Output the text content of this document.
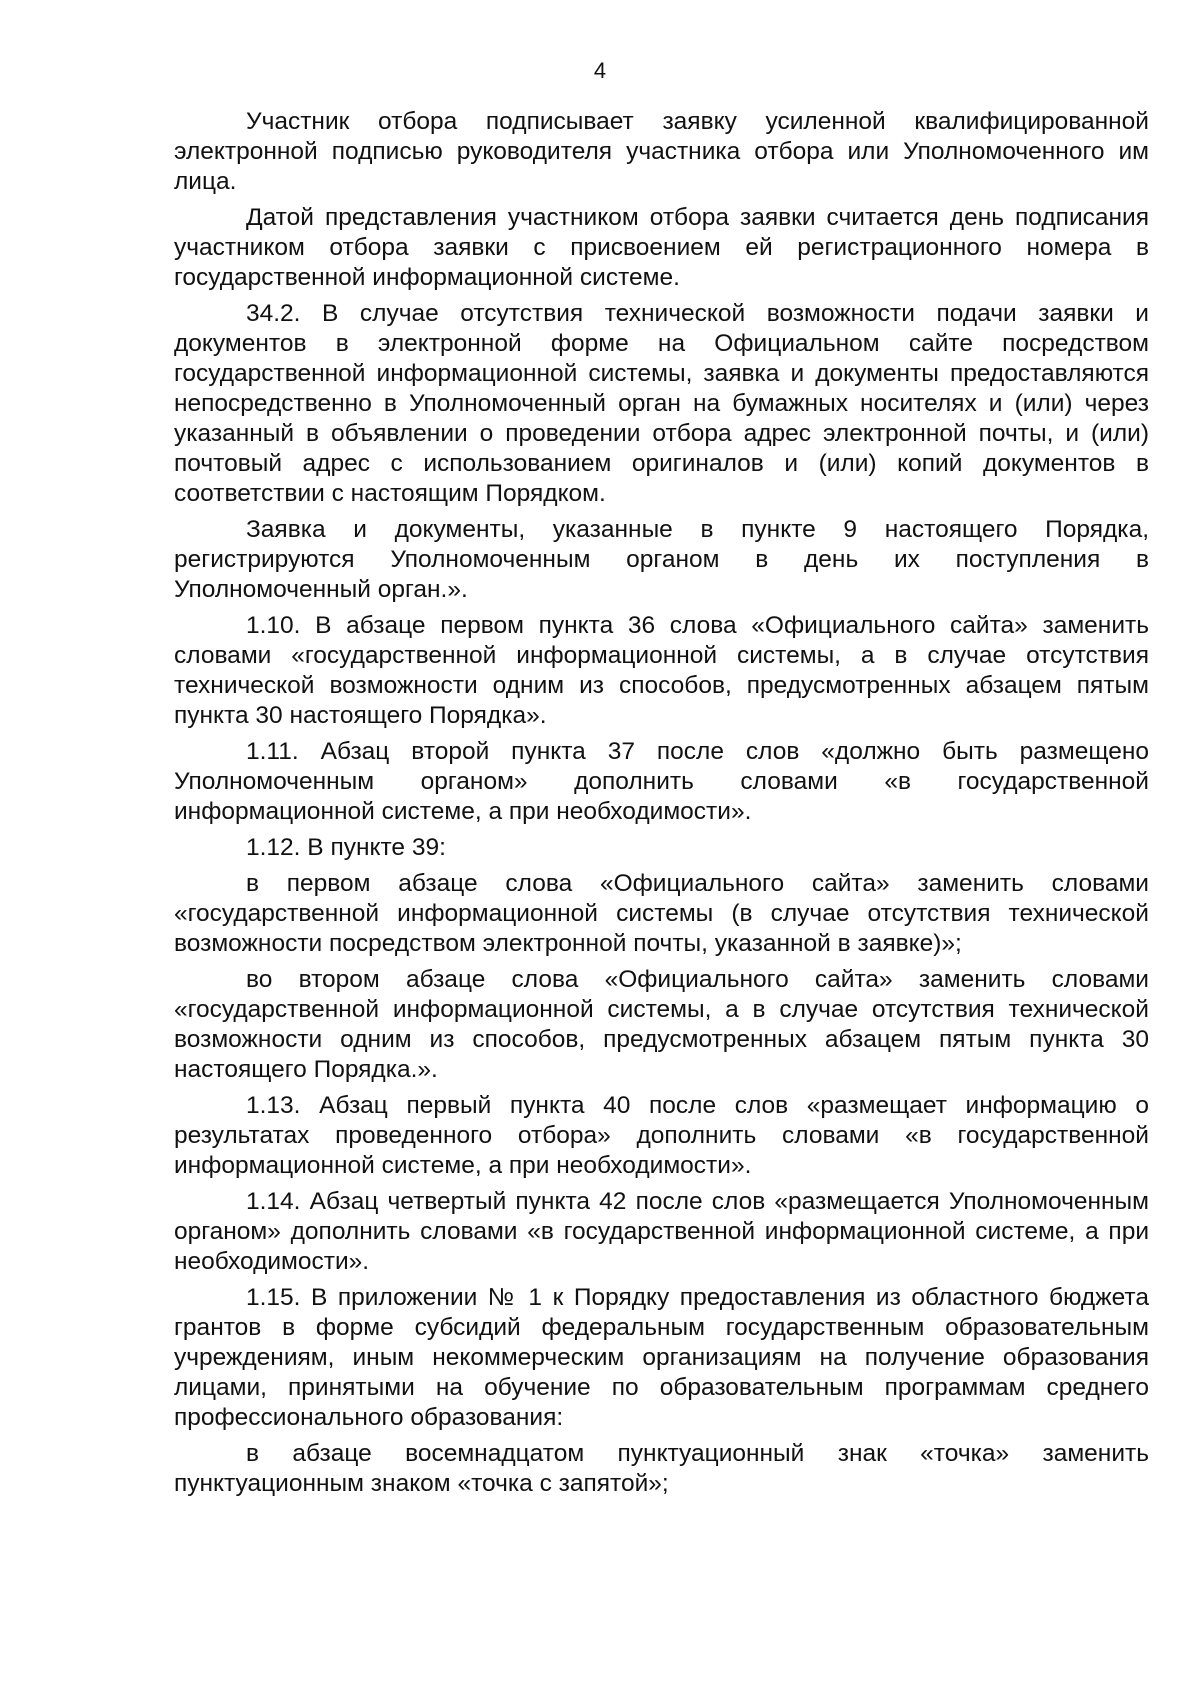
4

Участник отбора подписывает заявку усиленной квалифицированной электронной подписью руководителя участника отбора или Уполномоченного им лица.

Датой представления участником отбора заявки считается день подписания участником отбора заявки с присвоением ей регистрационного номера в государственной информационной системе.

34.2. В случае отсутствия технической возможности подачи заявки и документов в электронной форме на Официальном сайте посредством государственной информационной системы, заявка и документы предоставляются непосредственно в Уполномоченный орган на бумажных носителях и (или) через указанный в объявлении о проведении отбора адрес электронной почты, и (или) почтовый адрес с использованием оригиналов и (или) копий документов в соответствии с настоящим Порядком.

Заявка и документы, указанные в пункте 9 настоящего Порядка, регистрируются Уполномоченным органом в день их поступления в Уполномоченный орган.».

1.10. В абзаце первом пункта 36 слова «Официального сайта» заменить словами «государственной информационной системы, а в случае отсутствия технической возможности одним из способов, предусмотренных абзацем пятым пункта 30 настоящего Порядка».

1.11. Абзац второй пункта 37 после слов «должно быть размещено Уполномоченным органом» дополнить словами «в государственной информационной системе, а при необходимости».

1.12. В пункте 39:

в первом абзаце слова «Официального сайта» заменить словами «государственной информационной системы (в случае отсутствия технической возможности посредством электронной почты, указанной в заявке)»;

во втором абзаце слова «Официального сайта» заменить словами «государственной информационной системы, а в случае отсутствия технической возможности одним из способов, предусмотренных абзацем пятым пункта 30 настоящего Порядка.».

1.13. Абзац первый пункта 40 после слов «размещает информацию о результатах проведенного отбора» дополнить словами «в государственной информационной системе, а при необходимости».

1.14. Абзац четвертый пункта 42 после слов «размещается Уполномоченным органом» дополнить словами «в государственной информационной системе, а при необходимости».

1.15. В приложении № 1 к Порядку предоставления из областного бюджета грантов в форме субсидий федеральным государственным образовательным учреждениям, иным некоммерческим организациям на получение образования лицами, принятыми на обучение по образовательным программам среднего профессионального образования:

в абзаце восемнадцатом пунктуационный знак «точка» заменить пунктуационным знаком «точка с запятой»;
